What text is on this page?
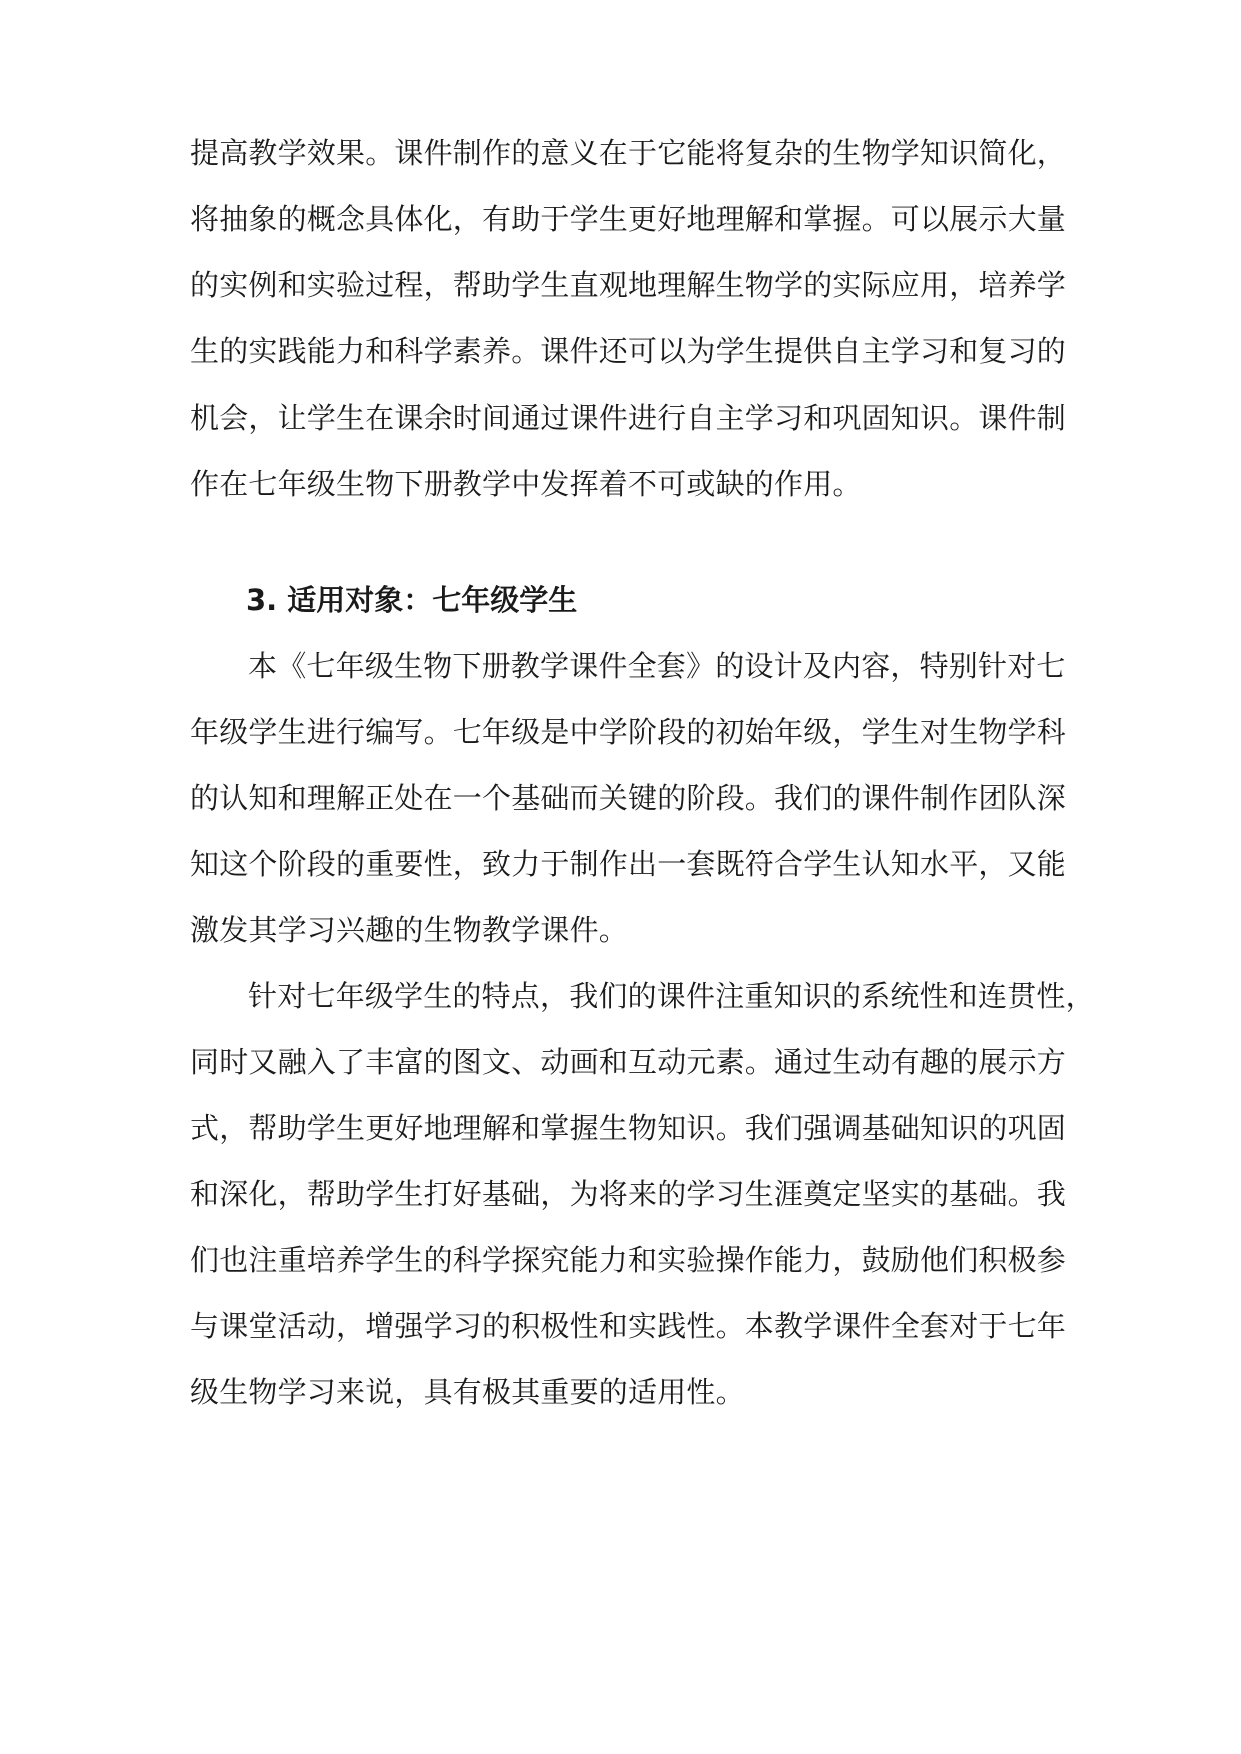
提高教学效果。课件制作的意义在于它能将复杂的生物学知识简化，
将抽象的概念具体化，有助于学生更好地理解和掌握。可以展示大量
的实例和实验过程，帮助学生直观地理解生物学的实际应用，培养学
生的实践能力和科学素养。课件还可以为学生提供自主学习和复习的
机会，让学生在课余时间通过课件进行自主学习和巩固知识。课件制
作在七年级生物下册教学中发挥着不可或缺的作用。
3. 适用对象：七年级学生
本《七年级生物下册教学课件全套》的设计及内容，特别针对七
年级学生进行编写。七年级是中学阶段的初始年级，学生对生物学科
的认知和理解正处在一个基础而关键的阶段。我们的课件制作团队深
知这个阶段的重要性，致力于制作出一套既符合学生认知水平，又能
激发其学习兴趣的生物教学课件。
针对七年级学生的特点，我们的课件注重知识的系统性和连贯性，
同时又融入了丰富的图文、动画和互动元素。通过生动有趣的展示方
式，帮助学生更好地理解和掌握生物知识。我们强调基础知识的巩固
和深化，帮助学生打好基础，为将来的学习生涯奠定坚实的基础。我
们也注重培养学生的科学探究能力和实验操作能力，鼓励他们积极参
与课堂活动，增强学习的积极性和实践性。本教学课件全套对于七年
级生物学习来说，具有极其重要的适用性。
